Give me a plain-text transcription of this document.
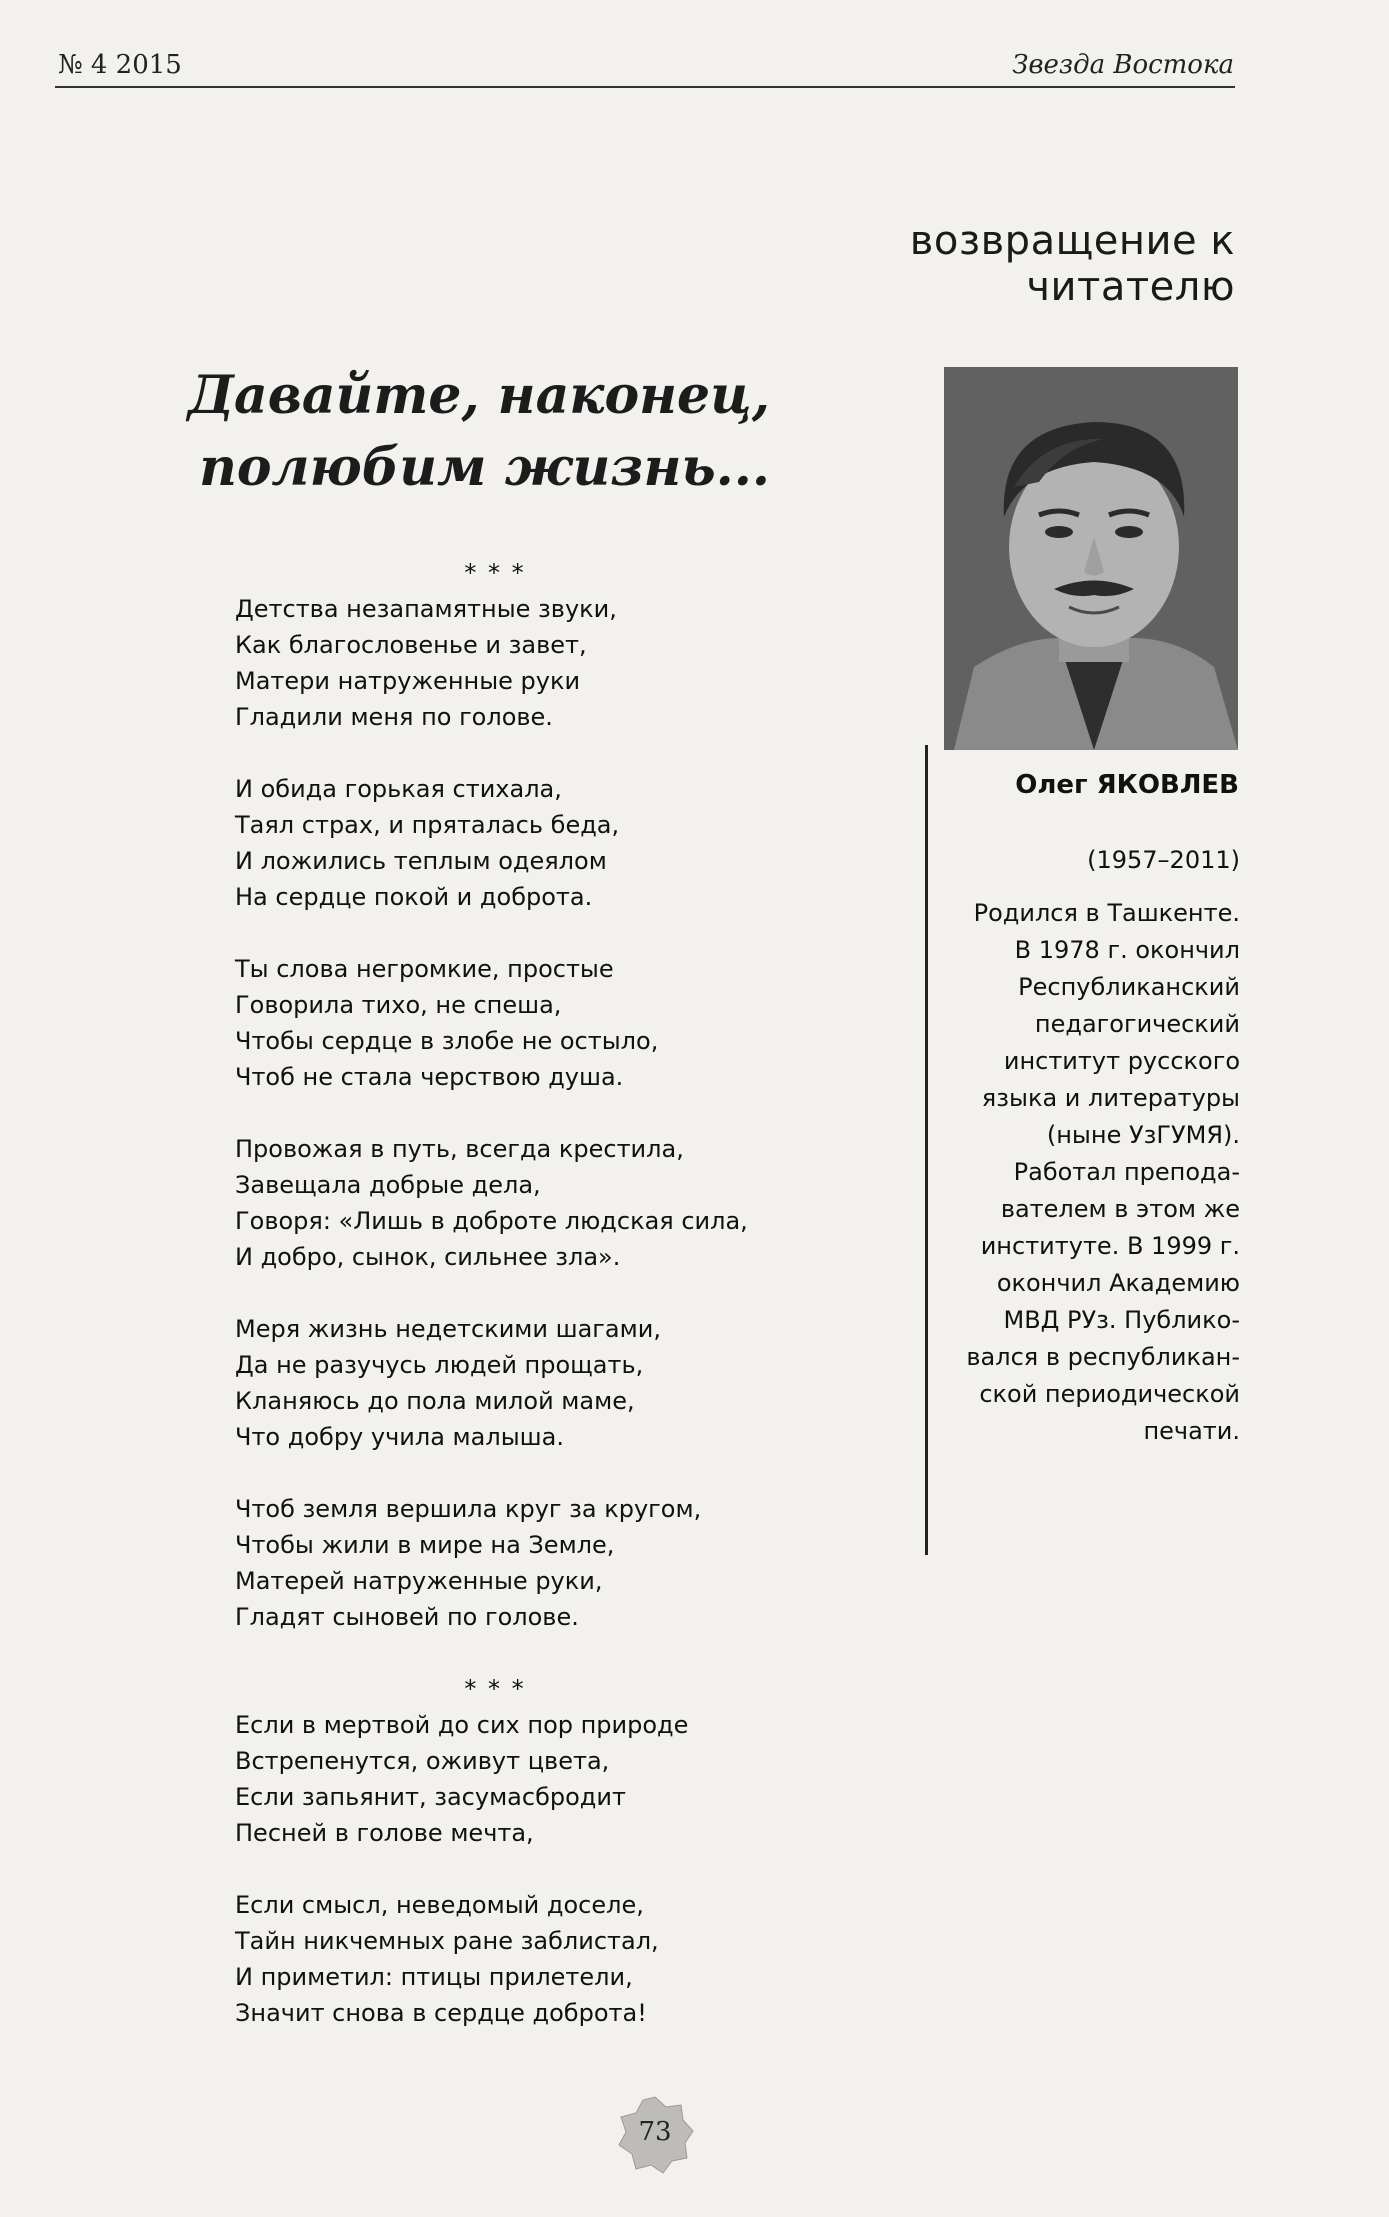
№ 4 2015	Звезда Востока
возвращение к читателю
Давайте, наконец,
полюбим жизнь...
* * *
Детства незапамятные звуки,
Как благословенье и завет,
Матери натруженные руки
Гладили меня по голове.
И обида горькая стихала,
Таял страх, и пряталась беда,
И ложились теплым одеялом
На сердце покой и доброта.
Ты слова негромкие, простые
Говорила тихо, не спеша,
Чтобы сердце в злобе не остыло,
Чтоб не стала черствою душа.
Провожая в путь, всегда крестила,
Завещала добрые дела,
Говоря: «Лишь в доброте людская сила,
И добро, сынок, сильнее зла».
Меря жизнь недетскими шагами,
Да не разучусь людей прощать,
Кланяюсь до пола милой маме,
Что добру учила малыша.
Чтоб земля вершила круг за кругом,
Чтобы жили в мире на Земле,
Матерей натруженные руки,
Гладят сыновей по голове.
* * *
Если в мертвой до сих пор природе
Встрепенутся, оживут цвета,
Если запьянит, засумасбродит
Песней в голове мечта,
Если смысл, неведомый доселе,
Тайн никчемных ране заблистал,
И приметил: птицы прилетели,
Значит снова в сердце доброта!
Олег ЯКОВЛЕВ
(1957–2011)
Родился в Ташкенте.
В 1978 г. окончил
Республиканский
педагогический
институт русского
языка и литературы
(ныне УзГУМЯ).
Работал препода-
вателем в этом же
институте. В 1999 г.
окончил Академию
МВД РУз. Публико-
вался в республикан-
ской периодической
печати.
73
